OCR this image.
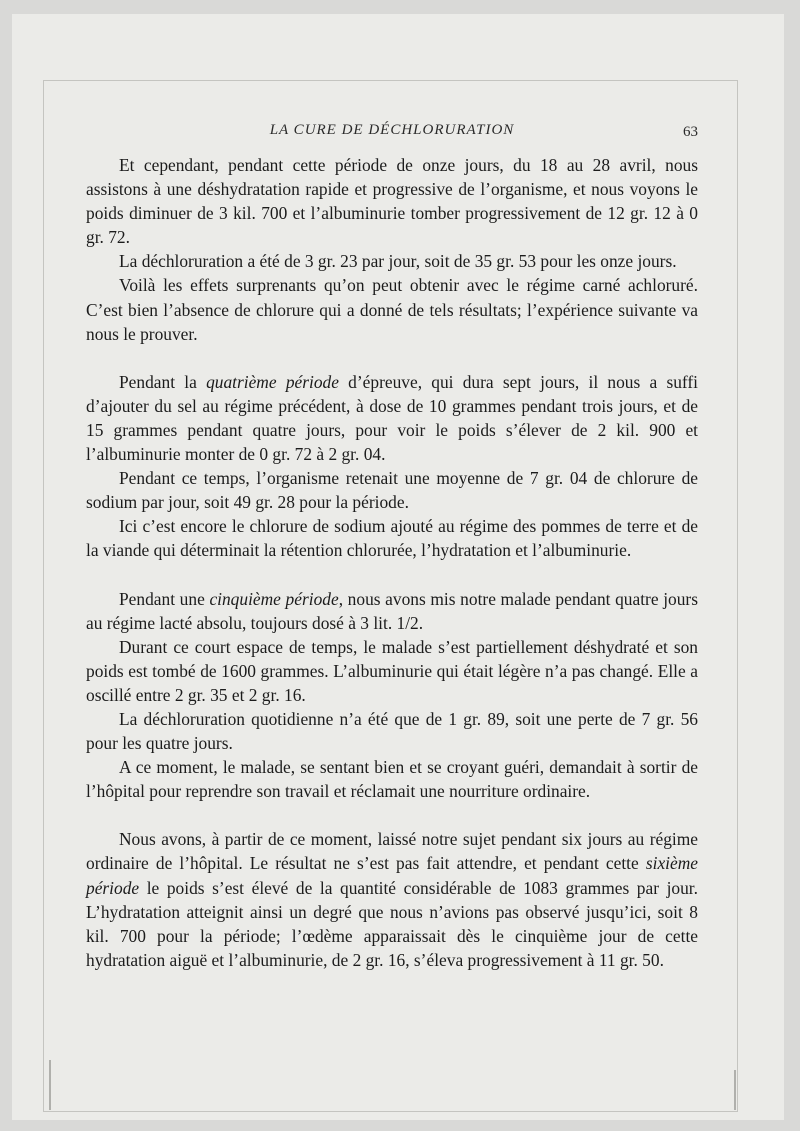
LA CURE DE DÉCHLORURATION	63

Et cependant, pendant cette période de onze jours, du 18 au 28 avril, nous assistons à une déshydratation rapide et progressive de l’organisme, et nous voyons le poids diminuer de 3 kil. 700 et l’albuminurie tomber progressivement de 12 gr. 12 à 0 gr. 72.

La déchloruration a été de 3 gr. 23 par jour, soit de 35 gr. 53 pour les onze jours.

Voilà les effets surprenants qu’on peut obtenir avec le régime carné achloruré. C’est bien l’absence de chlorure qui a donné de tels résultats; l’expérience suivante va nous le prouver.

Pendant la quatrième période d’épreuve, qui dura sept jours, il nous a suffi d’ajouter du sel au régime précédent, à dose de 10 grammes pendant trois jours, et de 15 grammes pendant quatre jours, pour voir le poids s’élever de 2 kil. 900 et l’albuminurie monter de 0 gr. 72 à 2 gr. 04.

Pendant ce temps, l’organisme retenait une moyenne de 7 gr. 04 de chlorure de sodium par jour, soit 49 gr. 28 pour la période.

Ici c’est encore le chlorure de sodium ajouté au régime des pommes de terre et de la viande qui déterminait la rétention chlorurée, l’hydratation et l’albuminurie.

Pendant une cinquième période, nous avons mis notre malade pendant quatre jours au régime lacté absolu, toujours dosé à 3 lit. 1/2.

Durant ce court espace de temps, le malade s’est partiellement déshydraté et son poids est tombé de 1600 grammes. L’albuminurie qui était légère n’a pas changé. Elle a oscillé entre 2 gr. 35 et 2 gr. 16.

La déchloruration quotidienne n’a été que de 1 gr. 89, soit une perte de 7 gr. 56 pour les quatre jours.

A ce moment, le malade, se sentant bien et se croyant guéri, demandait à sortir de l’hôpital pour reprendre son travail et réclamait une nourriture ordinaire.

Nous avons, à partir de ce moment, laissé notre sujet pendant six jours au régime ordinaire de l’hôpital. Le résultat ne s’est pas fait attendre, et pendant cette sixième période le poids s’est élevé de la quantité considérable de 1083 grammes par jour. L’hydratation atteignit ainsi un degré que nous n’avions pas observé jusqu’ici, soit 8 kil. 700 pour la période; l’œdème apparaissait dès le cinquième jour de cette hydratation aiguë et l’albuminurie, de 2 gr. 16, s’éleva progressivement à 11 gr. 50.
